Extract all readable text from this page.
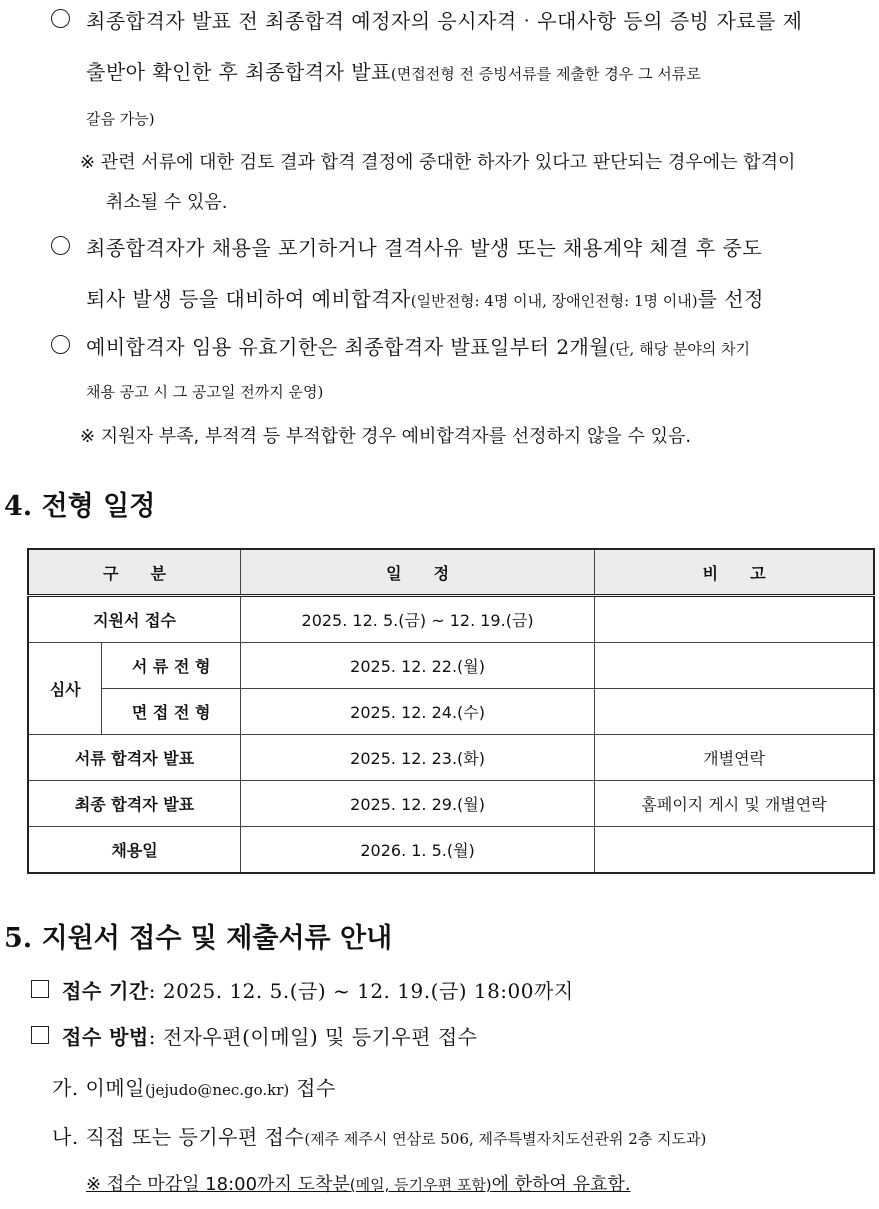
최종합격자 발표 전 최종합격 예정자의 응시자격‧우대사항 등의 증빙 자료를 제
출받아 확인한 후 최종합격자 발표(면접전형 전 증빙서류를 제출한 경우 그 서류로
갈음 가능)
※ 관련 서류에 대한 검토 결과 합격 결정에 중대한 하자가 있다고 판단되는 경우에는 합격이
취소될 수 있음.
최종합격자가 채용을 포기하거나 결격사유 발생 또는 채용계약 체결 후 중도
퇴사 발생 등을 대비하여 예비합격자(일반전형: 4명 이내, 장애인전형: 1명 이내)를 선정
예비합격자 임용 유효기한은 최종합격자 발표일부터 2개월(단, 해당 분야의 차기
채용 공고 시 그 공고일 전까지 운영)
※ 지원자 부족, 부적격 등 부적합한 경우 예비합격자를 선정하지 않을 수 있음.
4. 전형 일정
구　　분		일　　정	비　　고
지원서 접수		2025. 12. 5.(금) ~ 12. 19.(금)	
심사	서 류 전 형	2025. 12. 22.(월)	
	면 접 전 형	2025. 12. 24.(수)	
서류 합격자 발표		2025. 12. 23.(화)	개별연락
최종 합격자 발표		2025. 12. 29.(월)	홈페이지 게시 및 개별연락
채용일		2026. 1. 5.(월)	
5. 지원서 접수 및 제출서류 안내
접수 기간: 2025. 12. 5.(금) ~ 12. 19.(금) 18:00까지
접수 방법: 전자우편(이메일) 및 등기우편 접수
가. 이메일(jejudo@nec.go.kr) 접수
나. 직접 또는 등기우편 접수(제주 제주시 연삼로 506, 제주특별자치도선관위 2층 지도과)
※ 접수 마감일 18:00까지 도착분(메일, 등기우편 포함)에 한하여 유효함.
